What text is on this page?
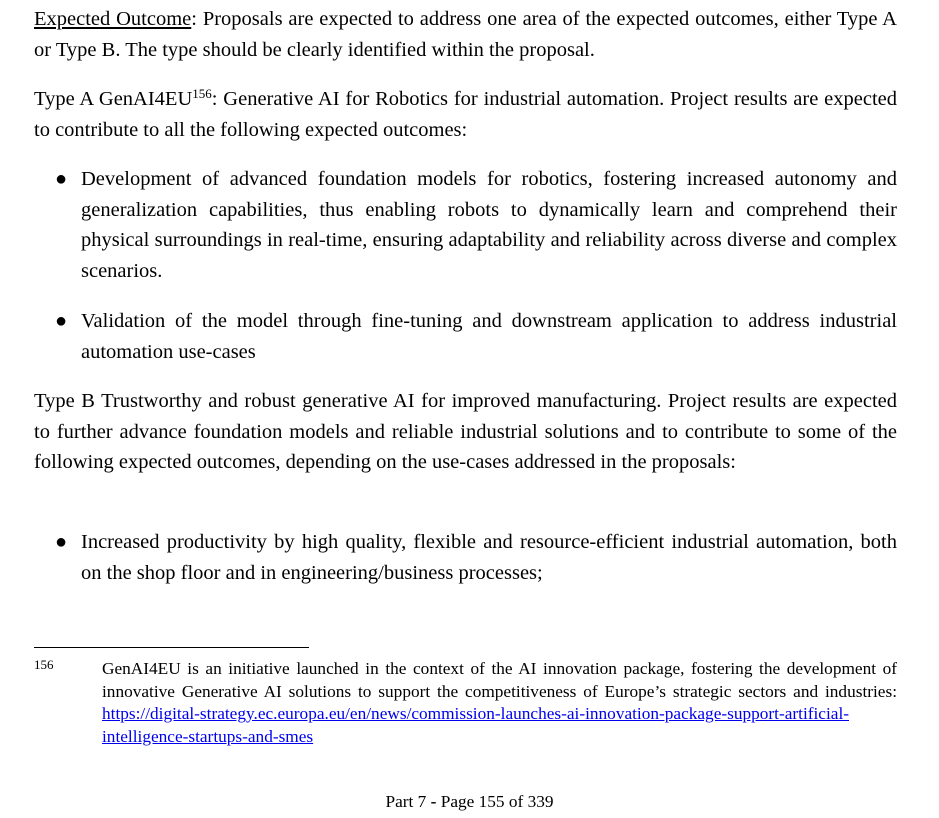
Expected Outcome: Proposals are expected to address one area of the expected outcomes, either Type A or Type B. The type should be clearly identified within the proposal.

Type A GenAI4EU$^{156}$: Generative AI for Robotics for industrial automation. Project results are expected to contribute to all the following expected outcomes:

● Development of advanced foundation models for robotics, fostering increased autonomy and generalization capabilities, thus enabling robots to dynamically learn and comprehend their physical surroundings in real-time, ensuring adaptability and reliability across diverse and complex scenarios.

● Validation of the model through fine-tuning and downstream application to address industrial automation use-cases

Type B Trustworthy and robust generative AI for improved manufacturing. Project results are expected to further advance foundation models and reliable industrial solutions and to contribute to some of the following expected outcomes, depending on the use-cases addressed in the proposals:

● Increased productivity by high quality, flexible and resource-efficient industrial automation, both on the shop floor and in engineering/business processes;

156	GenAI4EU is an initiative launched in the context of the AI innovation package, fostering the development of innovative Generative AI solutions to support the competitiveness of Europe’s strategic sectors and industries: https://digital-strategy.ec.europa.eu/en/news/commission-launches-ai-innovation-package-support-artificial-intelligence-startups-and-smes

Part 7 - Page 155 of 339
